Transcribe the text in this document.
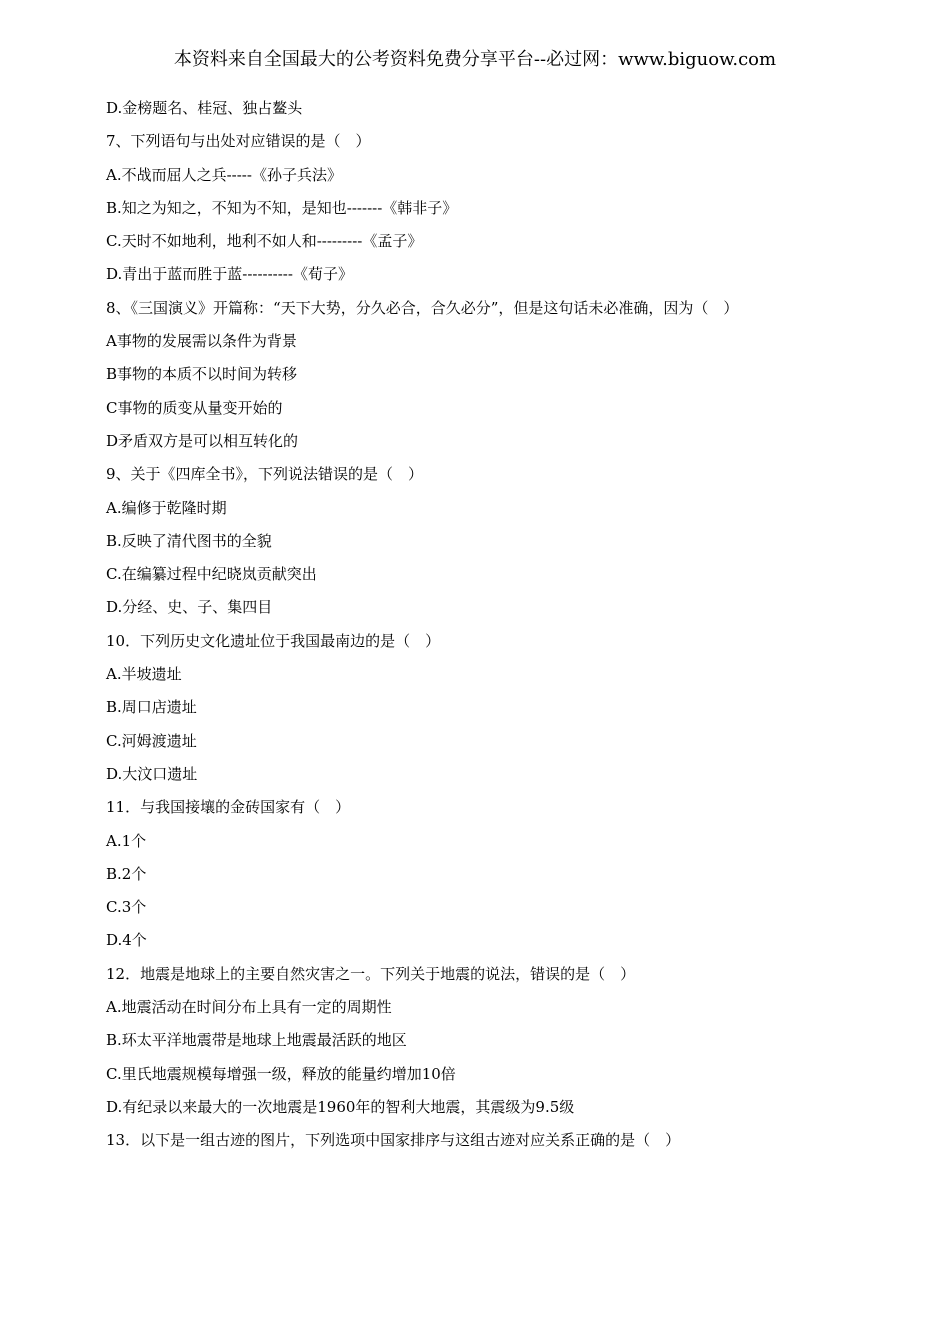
本资料来自全国最大的公考资料免费分享平台--必过网：www.biguow.com
D.金榜题名、桂冠、独占鳌头
7、下列语句与出处对应错误的是（　）
A.不战而屈人之兵-----《孙子兵法》
B.知之为知之，不知为不知，是知也-------《韩非子》
C.天时不如地利，地利不如人和---------《孟子》
D.青出于蓝而胜于蓝----------《荀子》
8、《三国演义》开篇称：“天下大势，分久必合，合久必分”，但是这句话未必准确，因为（　）
A事物的发展需以条件为背景
B事物的本质不以时间为转移
C事物的质变从量变开始的
D矛盾双方是可以相互转化的
9、关于《四库全书》，下列说法错误的是（　）
A.编修于乾隆时期
B.反映了清代图书的全貌
C.在编纂过程中纪晓岚贡献突出
D.分经、史、子、集四目
10．下列历史文化遗址位于我国最南边的是（　）
A.半坡遗址
B.周口店遗址
C.河姆渡遗址
D.大汶口遗址
11．与我国接壤的金砖国家有（　）
A.1个
B.2个
C.3个
D.4个
12．地震是地球上的主要自然灾害之一。下列关于地震的说法，错误的是（　）
A.地震活动在时间分布上具有一定的周期性
B.环太平洋地震带是地球上地震最活跃的地区
C.里氏地震规模每增强一级，释放的能量约增加10倍
D.有纪录以来最大的一次地震是1960年的智利大地震，其震级为9.5级
13．以下是一组古迹的图片，下列选项中国家排序与这组古迹对应关系正确的是（　）
